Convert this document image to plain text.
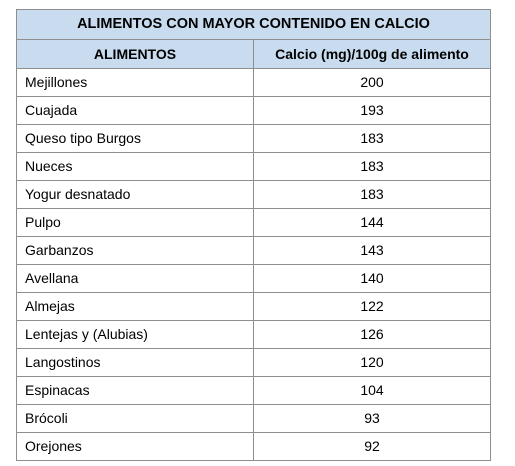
ALIMENTOS CON MAYOR CONTENIDO EN CALCIO	
ALIMENTOS	Calcio (mg)/100g de alimento
Mejillones	200
Cuajada	193
Queso tipo Burgos	183
Nueces	183
Yogur desnatado	183
Pulpo	144
Garbanzos	143
Avellana	140
Almejas	122
Lentejas y (Alubias)	126
Langostinos	120
Espinacas	104
Brócoli	93
Orejones	92
